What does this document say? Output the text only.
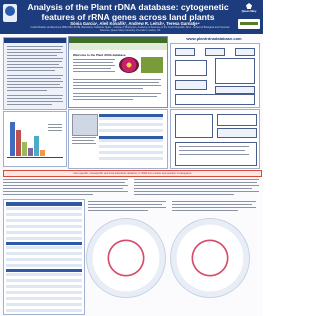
Analysis of the Plant rDNA database: cytogenetic features of rRNA genes across land plants
Sònia Garcia¹, Aleš Kovařík², Andrew R. Leitch³, Teresa Garnatje⁴
Institut Botànic de Barcelona (IBB-CSIC-ICUB), Barcelona, Catalonia, Spain · Institute of Biophysics, Academy of Sciences of the Czech Republic, Brno · School of Biological and Chemical Sciences, Queen Mary University of London, London, UK
Queen Mary
Welcome to the Plant rDNA database
www.plantrdnadatabase.com
Inter-specific, intraspecific and intra-individual variations in rDNA loci number and position in ideograms
